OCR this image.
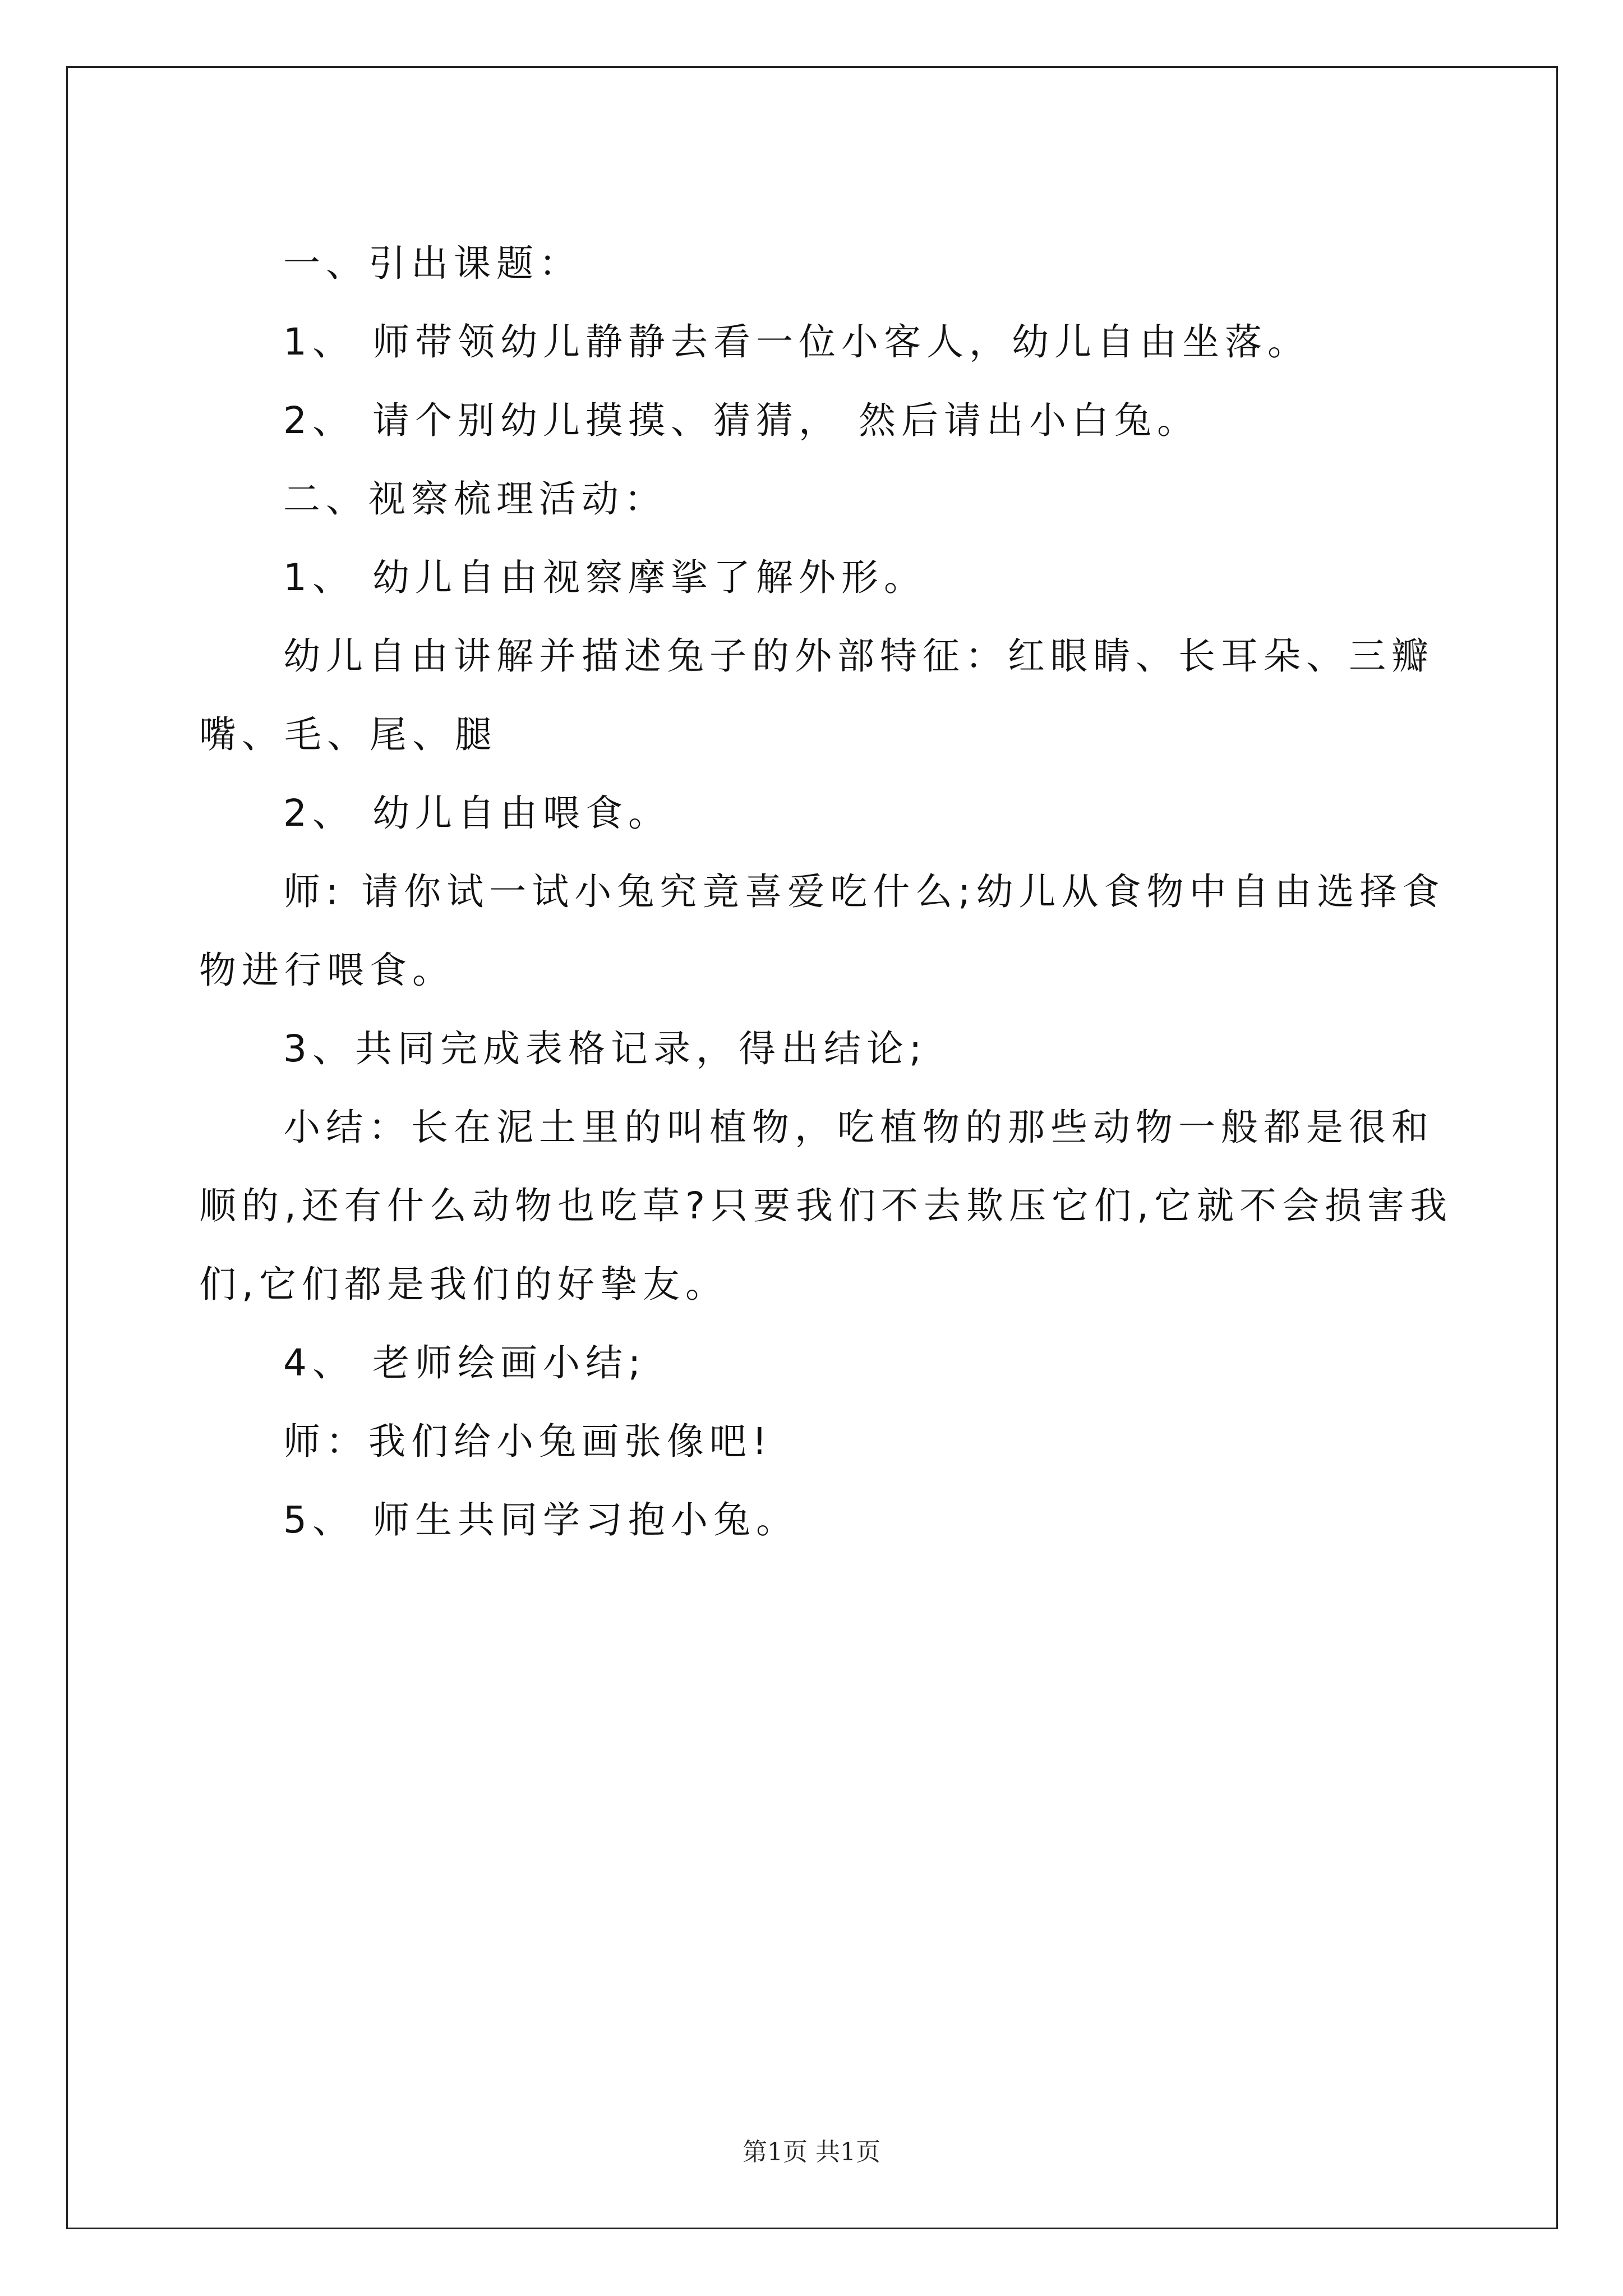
一、引出课题：

1、 师带领幼儿静静去看一位小客人，幼儿自由坐落。

2、 请个别幼儿摸摸、猜猜， 然后请出小白兔。

二、视察梳理活动：

1、 幼儿自由视察摩挲了解外形。

幼儿自由讲解并描述兔子的外部特征：红眼睛、长耳朵、三瓣嘴、毛、尾、腿

2、 幼儿自由喂食。

师: 请你试一试小兔究竟喜爱吃什么;幼儿从食物中自由选择食物进行喂食。

3、共同完成表格记录，得出结论;

小结：长在泥土里的叫植物，吃植物的那些动物一般都是很和顺的,还有什么动物也吃草?只要我们不去欺压它们,它就不会损害我们,它们都是我们的好挚友。

4、 老师绘画小结;

师：我们给小兔画张像吧!

5、 师生共同学习抱小兔。

第1页 共1页
